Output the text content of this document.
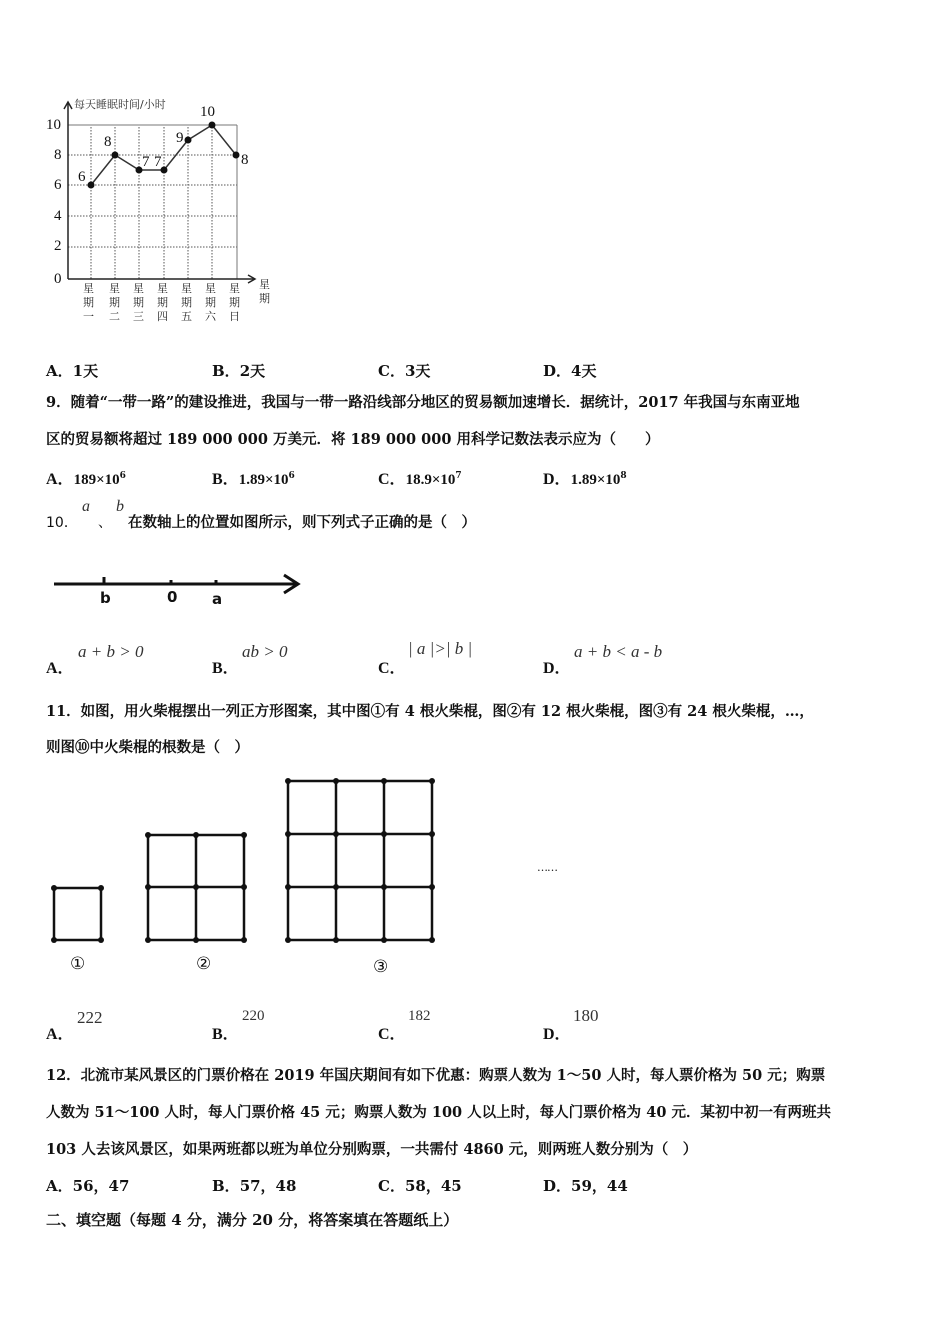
每天睡眠时间/小时
10
8
6
4
2
0
6
8
7 7
9
10
8
星
期
一
星
期
二
星
期
三
星
期
四
星
期
五
星
期
六
星
期
日
星
期
A．1天	B．2天	C．3天	D．4天
9．随着“一带一路”的建设推进，我国与一带一路沿线部分地区的贸易额加速增长．据统计，2017 年我国与东南亚地
区的贸易额将超过 189 000 000 万美元．将 189 000 000 用科学记数法表示应为（　　）
A．$189\times 10^6$	B．$1.89\times 10^6$	C．$18.9\times 10^7$	D．$1.89\times 10^8$
10．
a
、
b
在数轴上的位置如图所示，则下列式子正确的是（　）
b	0 a
A．
a + b > 0
B．
ab > 0
C．
| a |>| b |
D．
a + b < a - b
11．如图，用火柴棍摆出一列正方形图案，其中图①有 4 根火柴棍，图②有 12 根火柴棍，图③有 24 根火柴棍，…，
则图⑩中火柴棍的根数是（　）
①	②	③
……
A．
222
B．
220
C．
182
D．
180
12．北流市某风景区的门票价格在 2019 年国庆期间有如下优惠：购票人数为 1～50 人时，每人票价格为 50 元；购票
人数为 51～100 人时，每人门票价格 45 元；购票人数为 100 人以上时，每人门票价格为 40 元．某初中初一有两班共
103 人去该风景区，如果两班都以班为单位分别购票，一共需付 4860 元，则两班人数分别为（　）
A．56，47	B．57，48	C．58，45	D．59，44
二、填空题（每题 4 分，满分 20 分，将答案填在答题纸上）
